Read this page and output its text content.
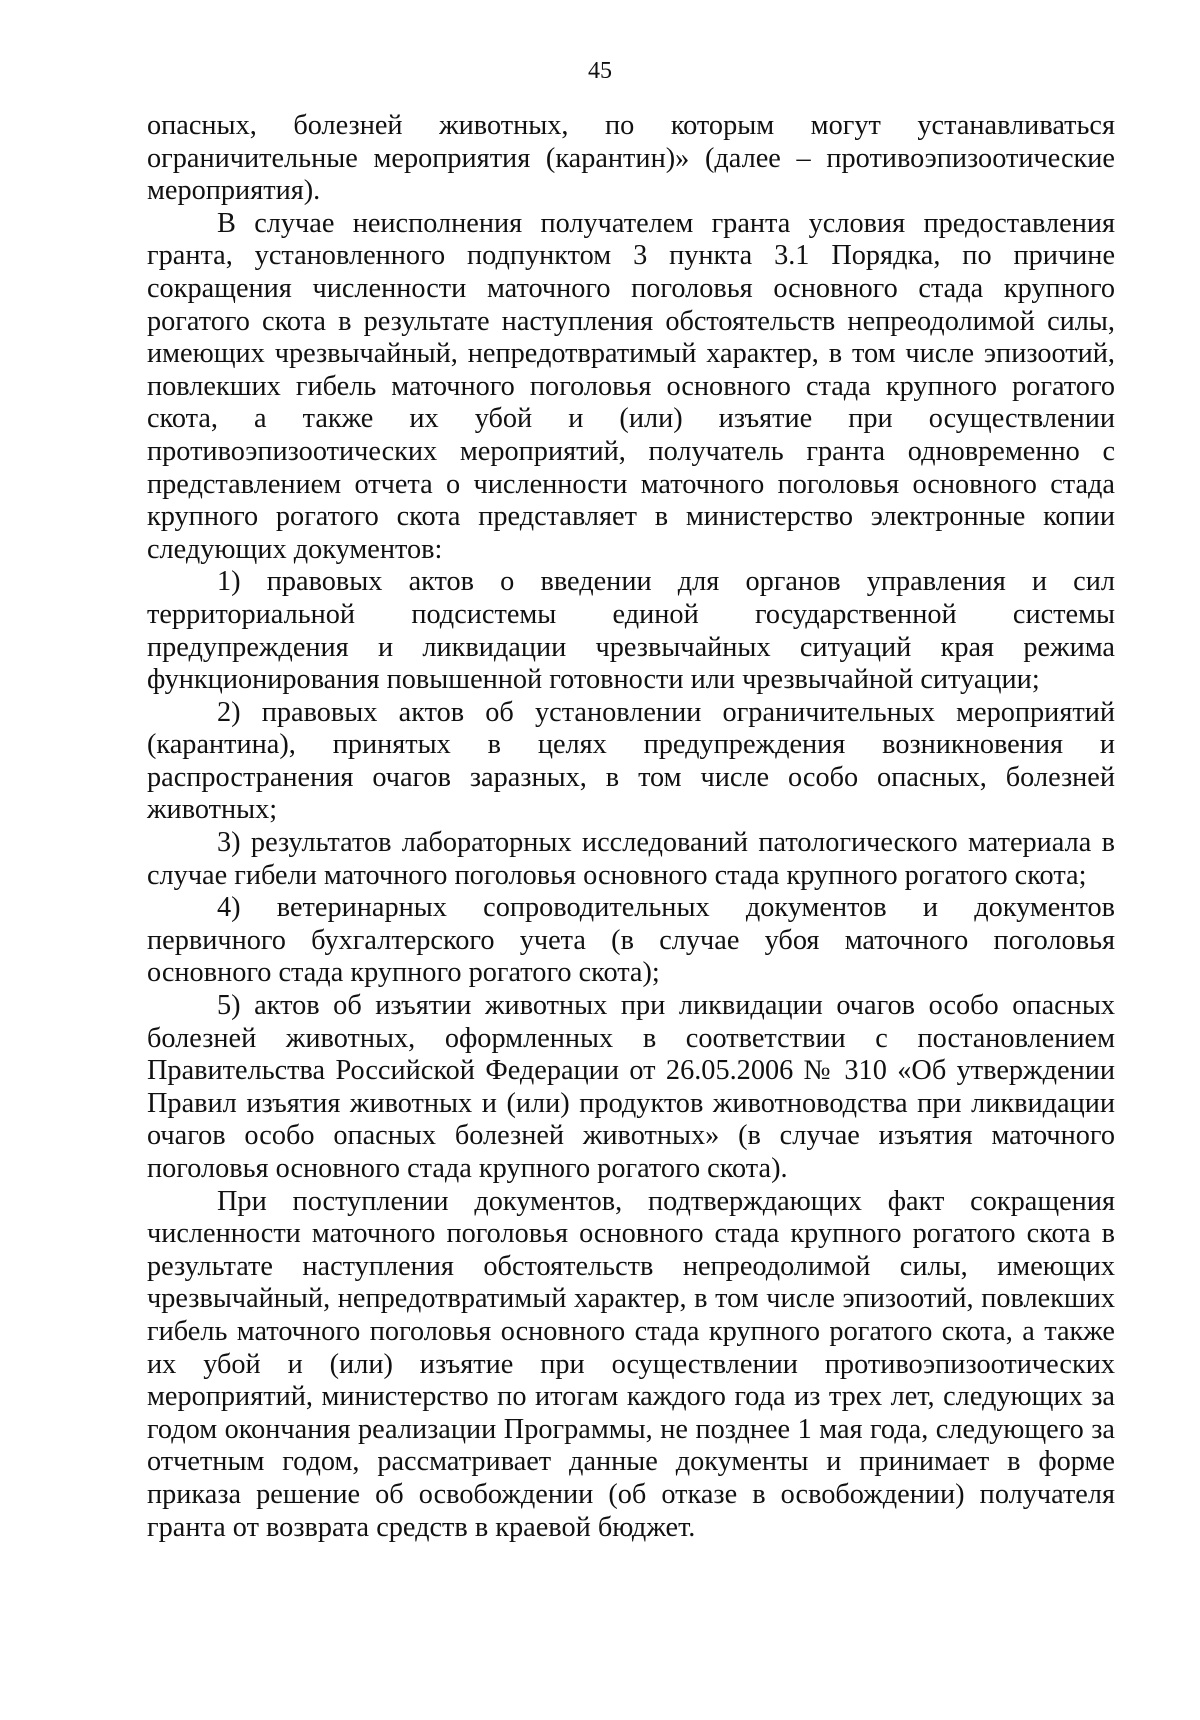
45

опасных, болезней животных, по которым могут устанавливаться ограничительные мероприятия (карантин)» (далее – противоэпизоотические мероприятия).

В случае неисполнения получателем гранта условия предоставления гранта, установленного подпунктом 3 пункта 3.1 Порядка, по причине сокращения численности маточного поголовья основного стада крупного рогатого скота в результате наступления обстоятельств непреодолимой силы, имеющих чрезвычайный, непредотвратимый характер, в том числе эпизоотий, повлекших гибель маточного поголовья основного стада крупного рогатого скота, а также их убой и (или) изъятие при осуществлении противоэпизоотических мероприятий, получатель гранта одновременно с представлением отчета о численности маточного поголовья основного стада крупного рогатого скота представляет в министерство электронные копии следующих документов:

1) правовых актов о введении для органов управления и сил территориальной подсистемы единой государственной системы предупреждения и ликвидации чрезвычайных ситуаций края режима функционирования повышенной готовности или чрезвычайной ситуации;

2) правовых актов об установлении ограничительных мероприятий (карантина), принятых в целях предупреждения возникновения и распространения очагов заразных, в том числе особо опасных, болезней животных;

3) результатов лабораторных исследований патологического материала в случае гибели маточного поголовья основного стада крупного рогатого скота;

4) ветеринарных сопроводительных документов и документов первичного бухгалтерского учета (в случае убоя маточного поголовья основного стада крупного рогатого скота);

5) актов об изъятии животных при ликвидации очагов особо опасных болезней животных, оформленных в соответствии с постановлением Правительства Российской Федерации от 26.05.2006 № 310 «Об утверждении Правил изъятия животных и (или) продуктов животноводства при ликвидации очагов особо опасных болезней животных» (в случае изъятия маточного поголовья основного стада крупного рогатого скота).

При поступлении документов, подтверждающих факт сокращения численности маточного поголовья основного стада крупного рогатого скота в результате наступления обстоятельств непреодолимой силы, имеющих чрезвычайный, непредотвратимый характер, в том числе эпизоотий, повлекших гибель маточного поголовья основного стада крупного рогатого скота, а также их убой и (или) изъятие при осуществлении противоэпизоотических мероприятий, министерство по итогам каждого года из трех лет, следующих за годом окончания реализации Программы, не позднее 1 мая года, следующего за отчетным годом, рассматривает данные документы и принимает в форме приказа решение об освобождении (об отказе в освобождении) получателя гранта от возврата средств в краевой бюджет.
